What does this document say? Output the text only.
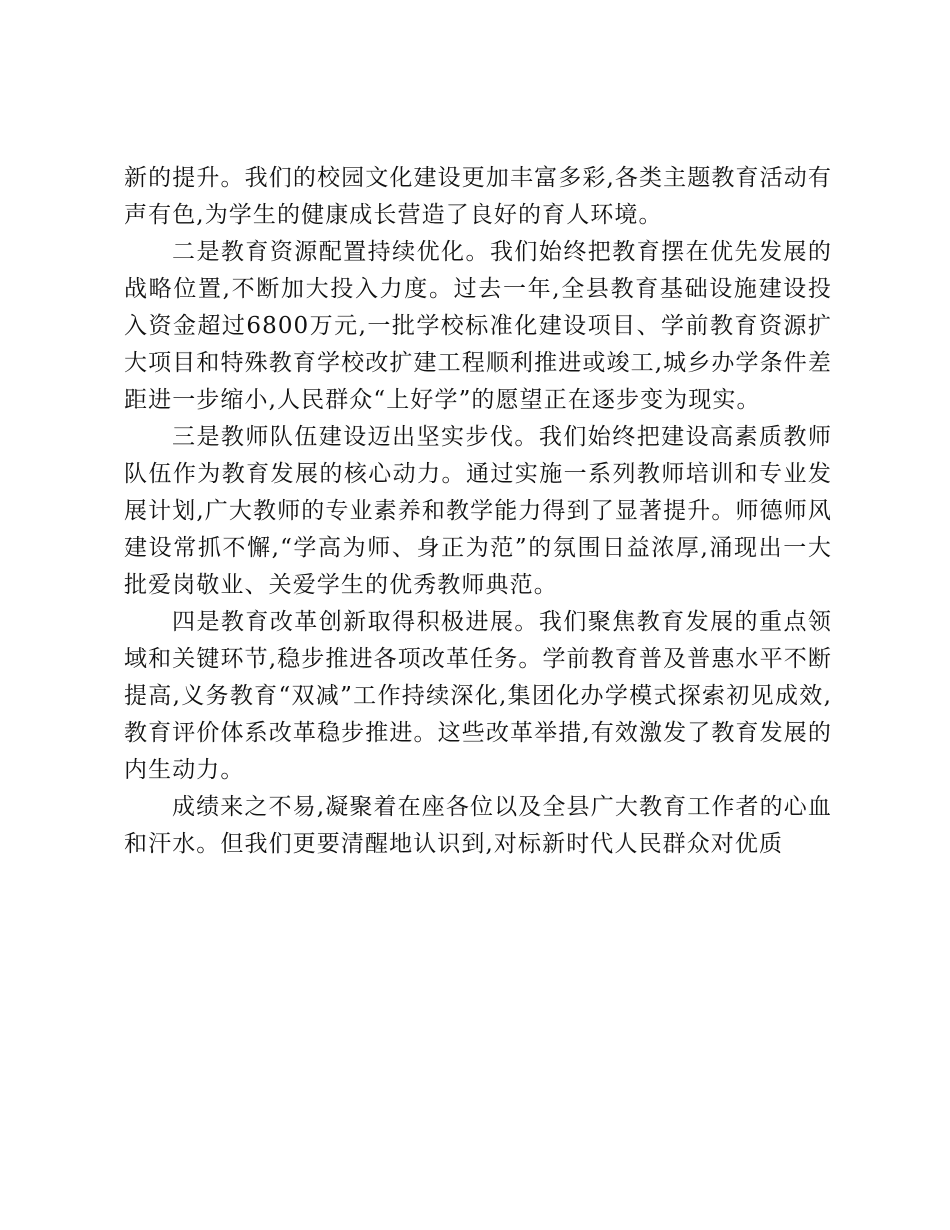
新的提升。我们的校园文化建设更加丰富多彩,各类主题教育活动有声有色,为学生的健康成长营造了良好的育人环境。

二是教育资源配置持续优化。我们始终把教育摆在优先发展的战略位置,不断加大投入力度。过去一年,全县教育基础设施建设投入资金超过6800万元,一批学校标准化建设项目、学前教育资源扩大项目和特殊教育学校改扩建工程顺利推进或竣工,城乡办学条件差距进一步缩小,人民群众“上好学”的愿望正在逐步变为现实。

三是教师队伍建设迈出坚实步伐。我们始终把建设高素质教师队伍作为教育发展的核心动力。通过实施一系列教师培训和专业发展计划,广大教师的专业素养和教学能力得到了显著提升。师德师风建设常抓不懈,“学高为师、身正为范”的氛围日益浓厚,涌现出一大批爱岗敬业、关爱学生的优秀教师典范。

四是教育改革创新取得积极进展。我们聚焦教育发展的重点领域和关键环节,稳步推进各项改革任务。学前教育普及普惠水平不断提高,义务教育“双减”工作持续深化,集团化办学模式探索初见成效,教育评价体系改革稳步推进。这些改革举措,有效激发了教育发展的内生动力。

成绩来之不易,凝聚着在座各位以及全县广大教育工作者的心血和汗水。但我们更要清醒地认识到,对标新时代人民群众对优质
